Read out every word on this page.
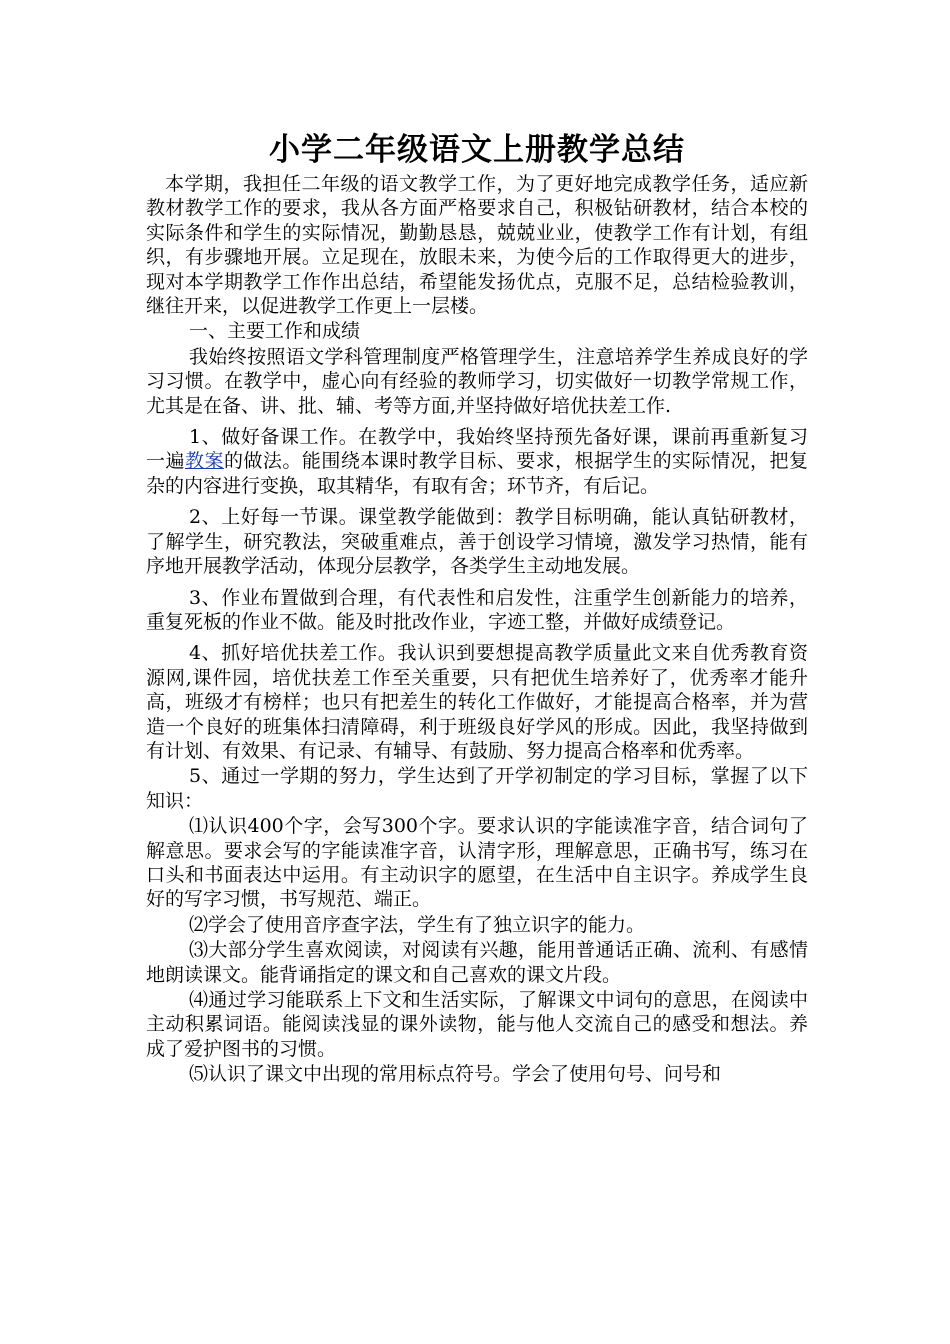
小学二年级语文上册教学总结

本学期，我担任二年级的语文教学工作，为了更好地完成教学任务，适应新教材教学工作的要求，我从各方面严格要求自己，积极钻研教材，结合本校的实际条件和学生的实际情况，勤勤恳恳，兢兢业业，使教学工作有计划，有组织，有步骤地开展。立足现在，放眼未来，为使今后的工作取得更大的进步，现对本学期教学工作作出总结，希望能发扬优点，克服不足，总结检验教训，继往开来，以促进教学工作更上一层楼。

一、主要工作和成绩

我始终按照语文学科管理制度严格管理学生，注意培养学生养成良好的学习习惯。在教学中，虚心向有经验的教师学习，切实做好一切教学常规工作，尤其是在备、讲、批、辅、考等方面,并坚持做好培优扶差工作.

1、做好备课工作。在教学中，我始终坚持预先备好课，课前再重新复习一遍教案的做法。能围绕本课时教学目标、要求，根据学生的实际情况，把复杂的内容进行变换，取其精华，有取有舍；环节齐，有后记。

2、上好每一节课。课堂教学能做到：教学目标明确，能认真钻研教材，了解学生，研究教法，突破重难点，善于创设学习情境，激发学习热情，能有序地开展教学活动，体现分层教学，各类学生主动地发展。

3、作业布置做到合理，有代表性和启发性，注重学生创新能力的培养，重复死板的作业不做。能及时批改作业，字迹工整，并做好成绩登记。

4、抓好培优扶差工作。我认识到要想提高教学质量此文来自优秀教育资源网,课件园，培优扶差工作至关重要，只有把优生培养好了，优秀率才能升高，班级才有榜样；也只有把差生的转化工作做好，才能提高合格率，并为营造一个良好的班集体扫清障碍，利于班级良好学风的形成。因此，我坚持做到有计划、有效果、有记录、有辅导、有鼓励、努力提高合格率和优秀率。

5、通过一学期的努力，学生达到了开学初制定的学习目标，掌握了以下知识：

⑴认识400个字，会写300个字。要求认识的字能读准字音，结合词句了解意思。要求会写的字能读准字音，认清字形，理解意思，正确书写，练习在口头和书面表达中运用。有主动识字的愿望，在生活中自主识字。养成学生良好的写字习惯，书写规范、端正。

⑵学会了使用音序查字法，学生有了独立识字的能力。

⑶大部分学生喜欢阅读，对阅读有兴趣，能用普通话正确、流利、有感情地朗读课文。能背诵指定的课文和自己喜欢的课文片段。

⑷通过学习能联系上下文和生活实际，了解课文中词句的意思，在阅读中主动积累词语。能阅读浅显的课外读物，能与他人交流自己的感受和想法。养成了爱护图书的习惯。

⑸认识了课文中出现的常用标点符号。学会了使用句号、问号和
